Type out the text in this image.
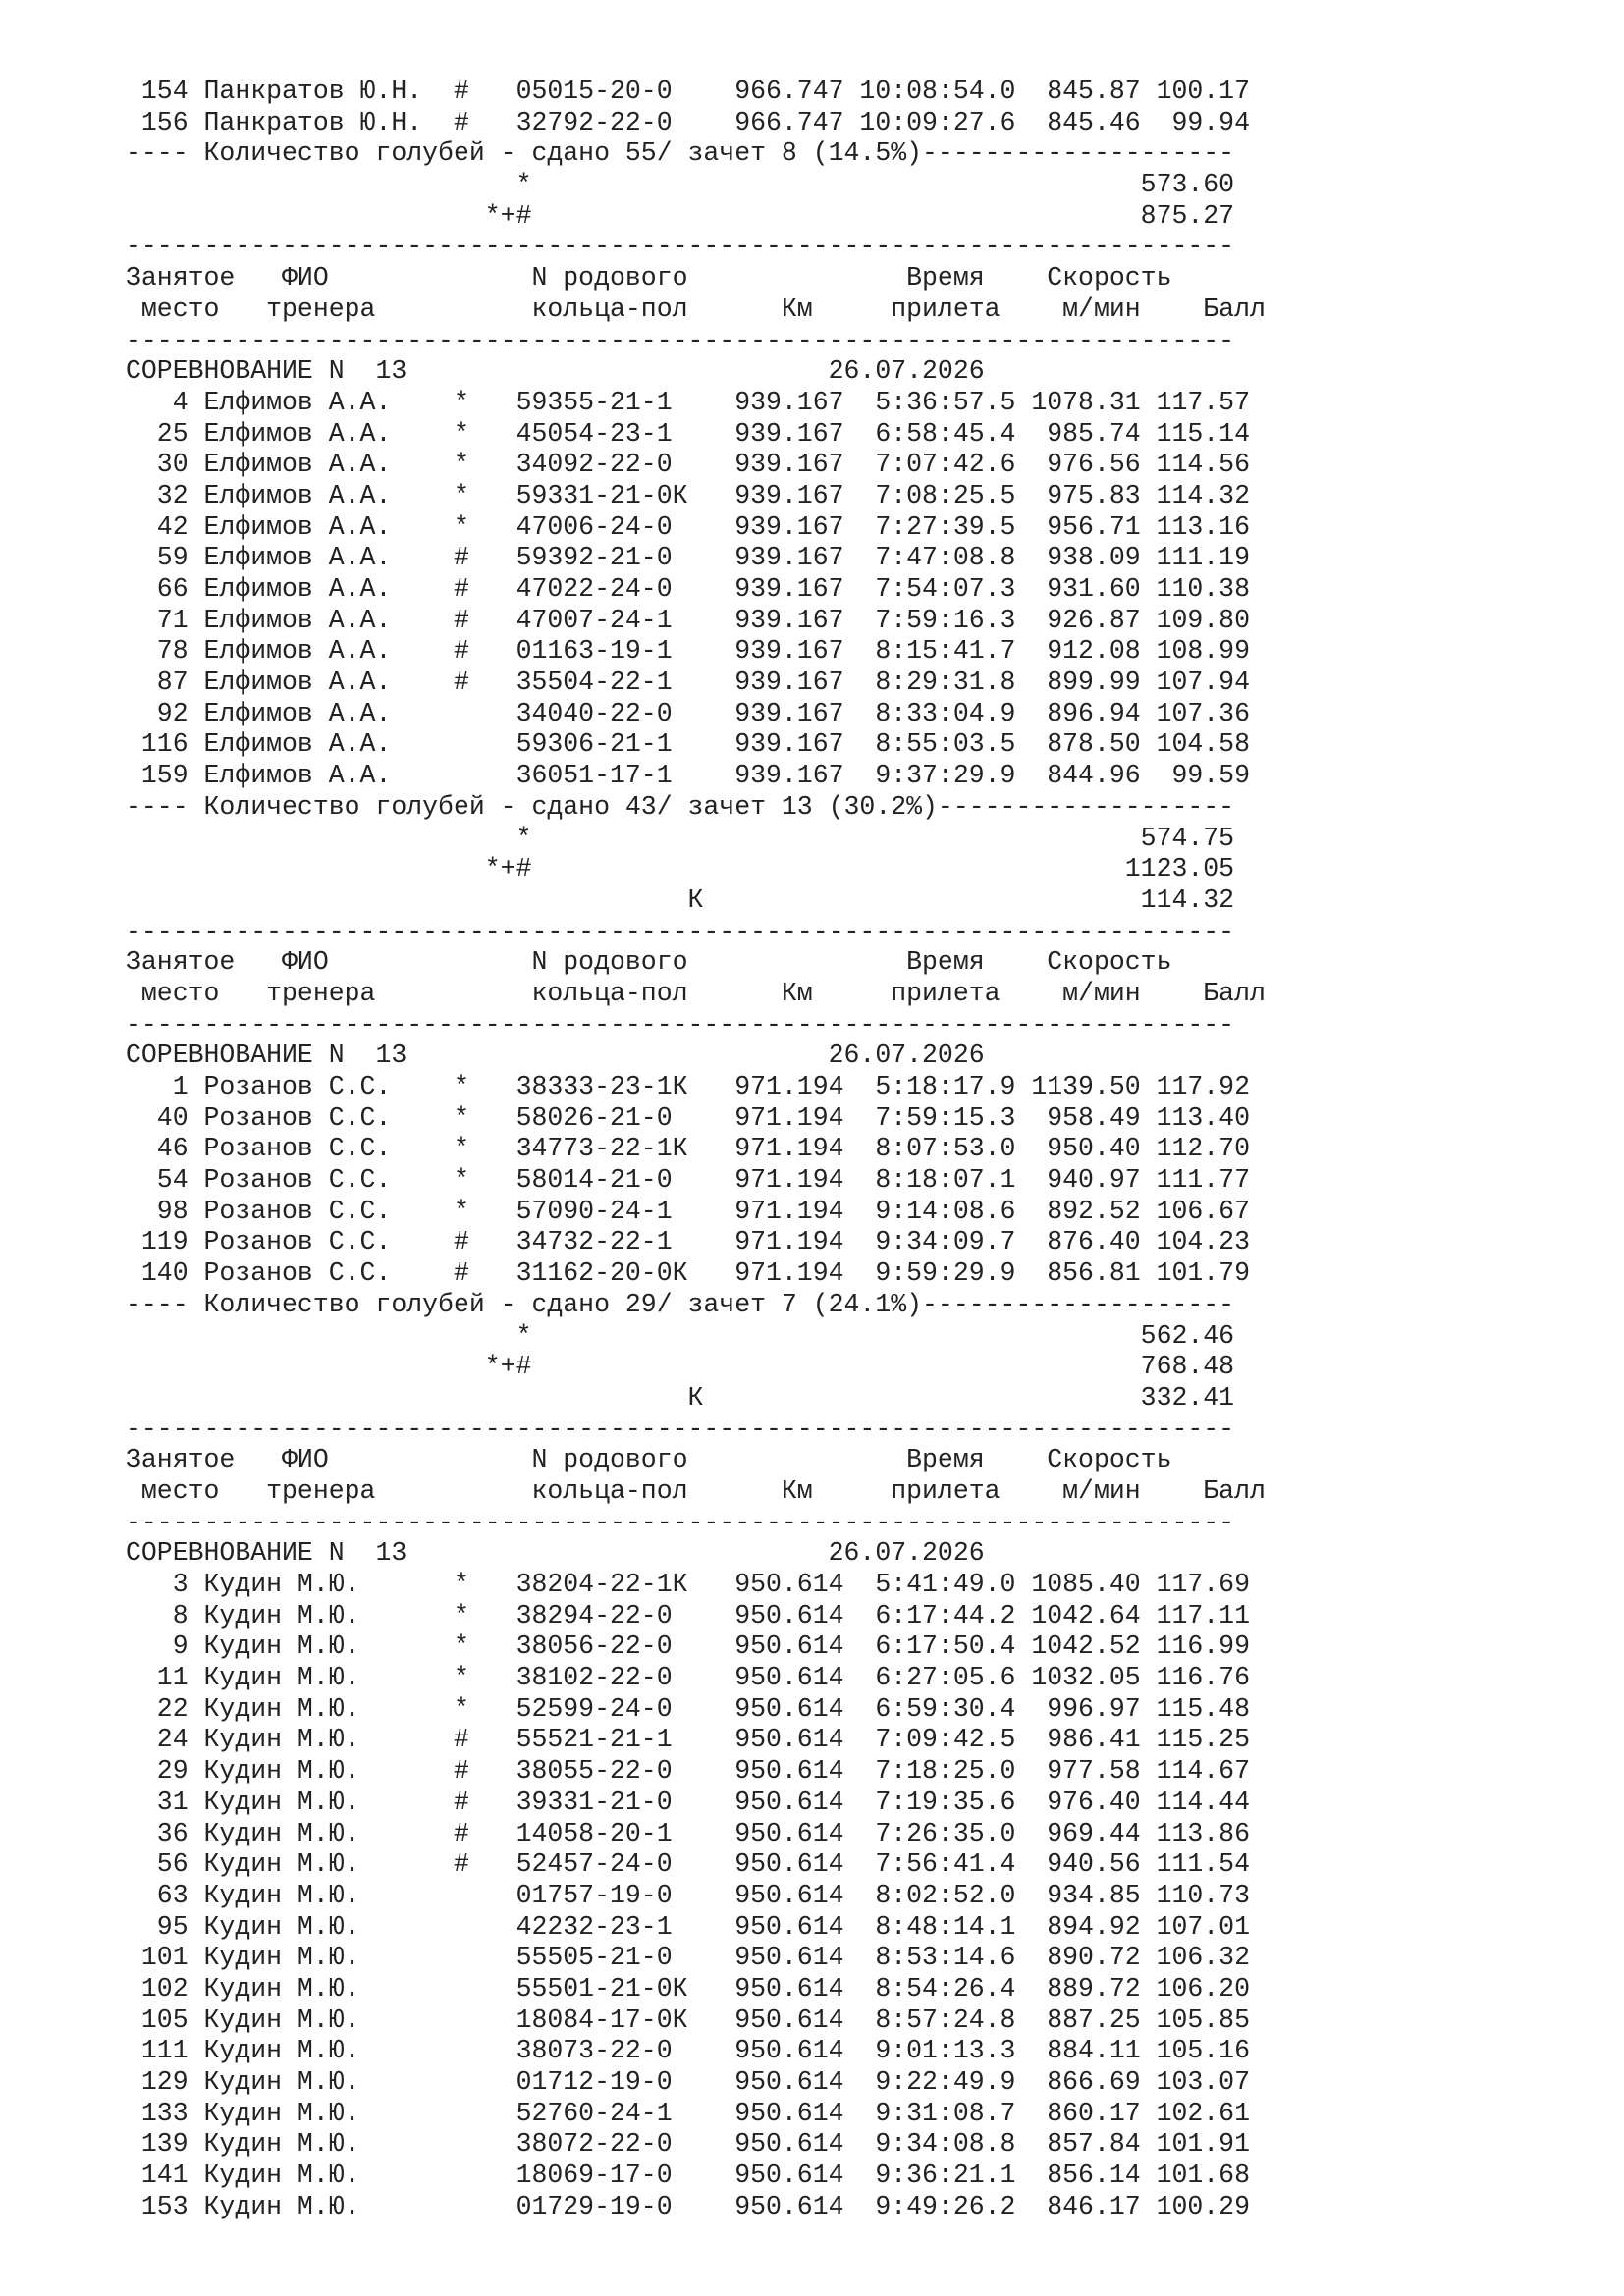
154 Панкратов Ю.Н.  #   05015-20-0    966.747 10:08:54.0  845.87 100.17
156 Панкратов Ю.Н.  #   32792-22-0    966.747 10:09:27.6  845.46  99.94
---- Количество голубей - сдано 55/ зачет 8 (14.5%)--------------------
*                                       573.60
*+#                                       875.27
-----------------------------------------------------------------------
Занятое   ФИО             N родового              Время    Скорость
место   тренера          кольца-пол      Км     прилета    м/мин    Балл
-----------------------------------------------------------------------
СОРЕВНОВАНИЕ N  13                           26.07.2026
4 Елфимов А.А.    *   59355-21-1    939.167  5:36:57.5 1078.31 117.57
25 Елфимов А.А.    *   45054-23-1    939.167  6:58:45.4  985.74 115.14
30 Елфимов А.А.    *   34092-22-0    939.167  7:07:42.6  976.56 114.56
32 Елфимов А.А.    *   59331-21-0К   939.167  7:08:25.5  975.83 114.32
42 Елфимов А.А.    *   47006-24-0    939.167  7:27:39.5  956.71 113.16
59 Елфимов А.А.    #   59392-21-0    939.167  7:47:08.8  938.09 111.19
66 Елфимов А.А.    #   47022-24-0    939.167  7:54:07.3  931.60 110.38
71 Елфимов А.А.    #   47007-24-1    939.167  7:59:16.3  926.87 109.80
78 Елфимов А.А.    #   01163-19-1    939.167  8:15:41.7  912.08 108.99
87 Елфимов А.А.    #   35504-22-1    939.167  8:29:31.8  899.99 107.94
92 Елфимов А.А.        34040-22-0    939.167  8:33:04.9  896.94 107.36
116 Елфимов А.А.        59306-21-1    939.167  8:55:03.5  878.50 104.58
159 Елфимов А.А.        36051-17-1    939.167  9:37:29.9  844.96  99.59
---- Количество голубей - сдано 43/ зачет 13 (30.2%)-------------------
*                                       574.75
*+#                                      1123.05
К                            114.32
-----------------------------------------------------------------------
Занятое   ФИО             N родового              Время    Скорость
место   тренера          кольца-пол      Км     прилета    м/мин    Балл
-----------------------------------------------------------------------
СОРЕВНОВАНИЕ N  13                           26.07.2026
1 Розанов С.С.    *   38333-23-1К   971.194  5:18:17.9 1139.50 117.92
40 Розанов С.С.    *   58026-21-0    971.194  7:59:15.3  958.49 113.40
46 Розанов С.С.    *   34773-22-1К   971.194  8:07:53.0  950.40 112.70
54 Розанов С.С.    *   58014-21-0    971.194  8:18:07.1  940.97 111.77
98 Розанов С.С.    *   57090-24-1    971.194  9:14:08.6  892.52 106.67
119 Розанов С.С.    #   34732-22-1    971.194  9:34:09.7  876.40 104.23
140 Розанов С.С.    #   31162-20-0К   971.194  9:59:29.9  856.81 101.79
---- Количество голубей - сдано 29/ зачет 7 (24.1%)--------------------
*                                       562.46
*+#                                       768.48
К                            332.41
-----------------------------------------------------------------------
Занятое   ФИО             N родового              Время    Скорость
место   тренера          кольца-пол      Км     прилета    м/мин    Балл
-----------------------------------------------------------------------
СОРЕВНОВАНИЕ N  13                           26.07.2026
3 Кудин М.Ю.      *   38204-22-1К   950.614  5:41:49.0 1085.40 117.69
8 Кудин М.Ю.      *   38294-22-0    950.614  6:17:44.2 1042.64 117.11
9 Кудин М.Ю.      *   38056-22-0    950.614  6:17:50.4 1042.52 116.99
11 Кудин М.Ю.      *   38102-22-0    950.614  6:27:05.6 1032.05 116.76
22 Кудин М.Ю.      *   52599-24-0    950.614  6:59:30.4  996.97 115.48
24 Кудин М.Ю.      #   55521-21-1    950.614  7:09:42.5  986.41 115.25
29 Кудин М.Ю.      #   38055-22-0    950.614  7:18:25.0  977.58 114.67
31 Кудин М.Ю.      #   39331-21-0    950.614  7:19:35.6  976.40 114.44
36 Кудин М.Ю.      #   14058-20-1    950.614  7:26:35.0  969.44 113.86
56 Кудин М.Ю.      #   52457-24-0    950.614  7:56:41.4  940.56 111.54
63 Кудин М.Ю.          01757-19-0    950.614  8:02:52.0  934.85 110.73
95 Кудин М.Ю.          42232-23-1    950.614  8:48:14.1  894.92 107.01
101 Кудин М.Ю.          55505-21-0    950.614  8:53:14.6  890.72 106.32
102 Кудин М.Ю.          55501-21-0К   950.614  8:54:26.4  889.72 106.20
105 Кудин М.Ю.          18084-17-0К   950.614  8:57:24.8  887.25 105.85
111 Кудин М.Ю.          38073-22-0    950.614  9:01:13.3  884.11 105.16
129 Кудин М.Ю.          01712-19-0    950.614  9:22:49.9  866.69 103.07
133 Кудин М.Ю.          52760-24-1    950.614  9:31:08.7  860.17 102.61
139 Кудин М.Ю.          38072-22-0    950.614  9:34:08.8  857.84 101.91
141 Кудин М.Ю.          18069-17-0    950.614  9:36:21.1  856.14 101.68
153 Кудин М.Ю.          01729-19-0    950.614  9:49:26.2  846.17 100.29
